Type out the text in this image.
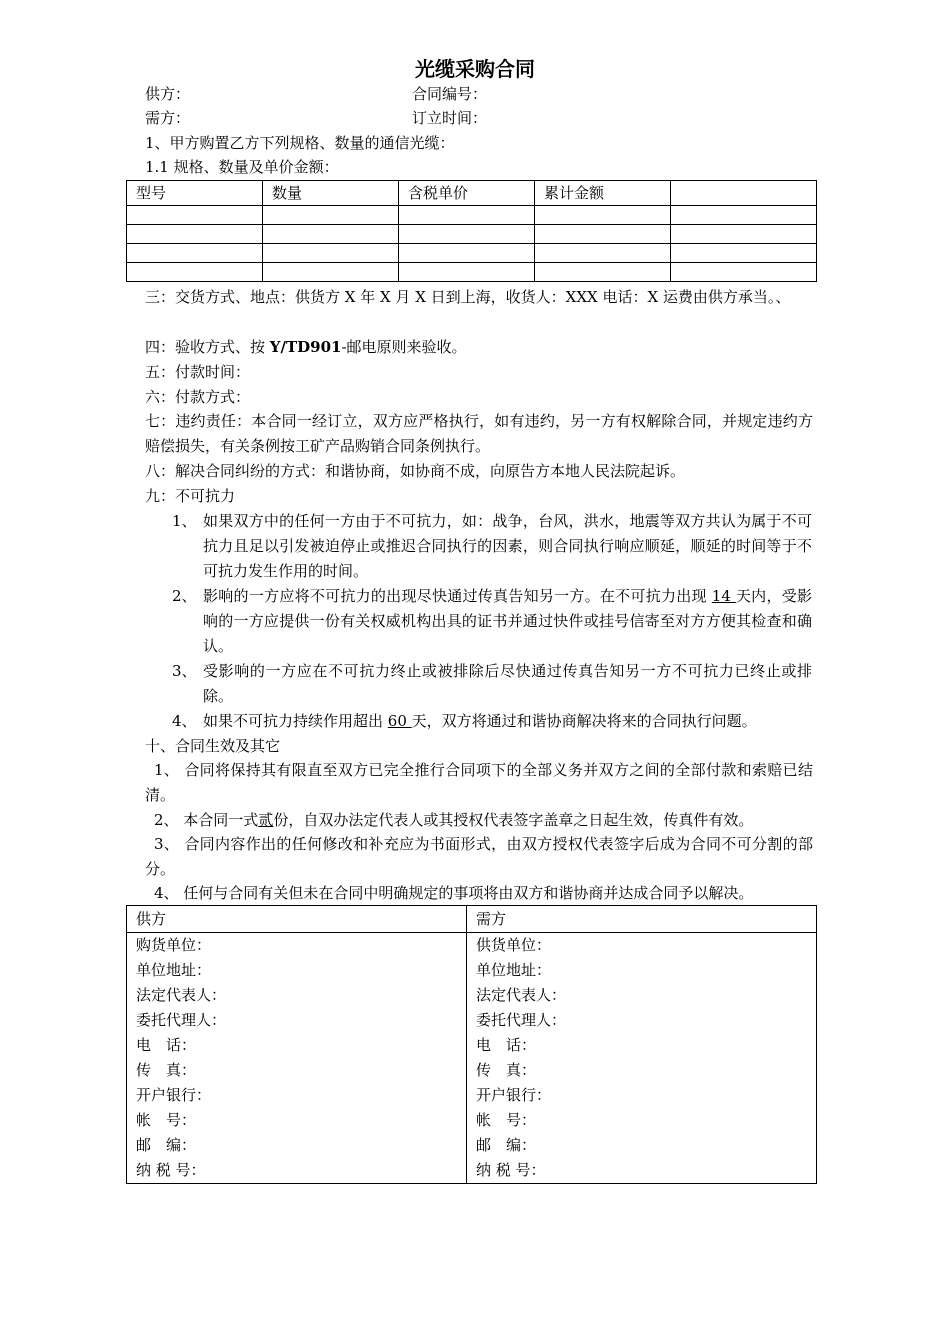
光缆采购合同
供方：	合同编号：
需方：	订立时间：
1、甲方购置乙方下列规格、数量的通信光缆：
1.1 规格、数量及单价金额：
型号	数量	含税单价	累计金额	

三：交货方式、地点：供货方 X 年 X 月 X 日到上海，收货人：XXX 电话：X 运费由供方承当。、
四：验收方式、按 Y/TD901-邮电原则来验收。
五：付款时间：
六：付款方式：
七：违约责任：本合同一经订立，双方应严格执行，如有违约，另一方有权解除合同，并规定违约方赔偿损失，有关条例按工矿产品购销合同条例执行。
八：解决合同纠纷的方式：和谐协商，如协商不成，向原告方本地人民法院起诉。
九：不可抗力
1、 如果双方中的任何一方由于不可抗力，如：战争，台风，洪水，地震等双方共认为属于不可抗力且足以引发被迫停止或推迟合同执行的因素，则合同执行响应顺延，顺延的时间等于不可抗力发生作用的时间。
2、 影响的一方应将不可抗力的出现尽快通过传真告知另一方。在不可抗力出现 14 天内，受影响的一方应提供一份有关权威机构出具的证书并通过快件或挂号信寄至对方方便其检查和确认。
3、 受影响的一方应在不可抗力终止或被排除后尽快通过传真告知另一方不可抗力已终止或排除。
4、 如果不可抗力持续作用超出 60 天，双方将通过和谐协商解决将来的合同执行问题。
十、合同生效及其它
1、 合同将保持其有限直至双方已完全推行合同项下的全部义务并双方之间的全部付款和索赔已结清。
2、 本合同一式贰份，自双办法定代表人或其授权代表签字盖章之日起生效，传真件有效。
3、 合同内容作出的任何修改和补充应为书面形式，由双方授权代表签字后成为合同不可分割的部分。
4、 任何与合同有关但未在合同中明确规定的事项将由双方和谐协商并达成合同予以解决。
供方	需方
购货单位：	供货单位：
单位地址：	单位地址：
法定代表人：	法定代表人：
委托代理人：	委托代理人：
电　话：	电　话：
传　真：	传　真：
开户银行：	开户银行：
帐　号：	帐　号：
邮　编：	邮　编：
纳 税 号：	纳 税 号：
